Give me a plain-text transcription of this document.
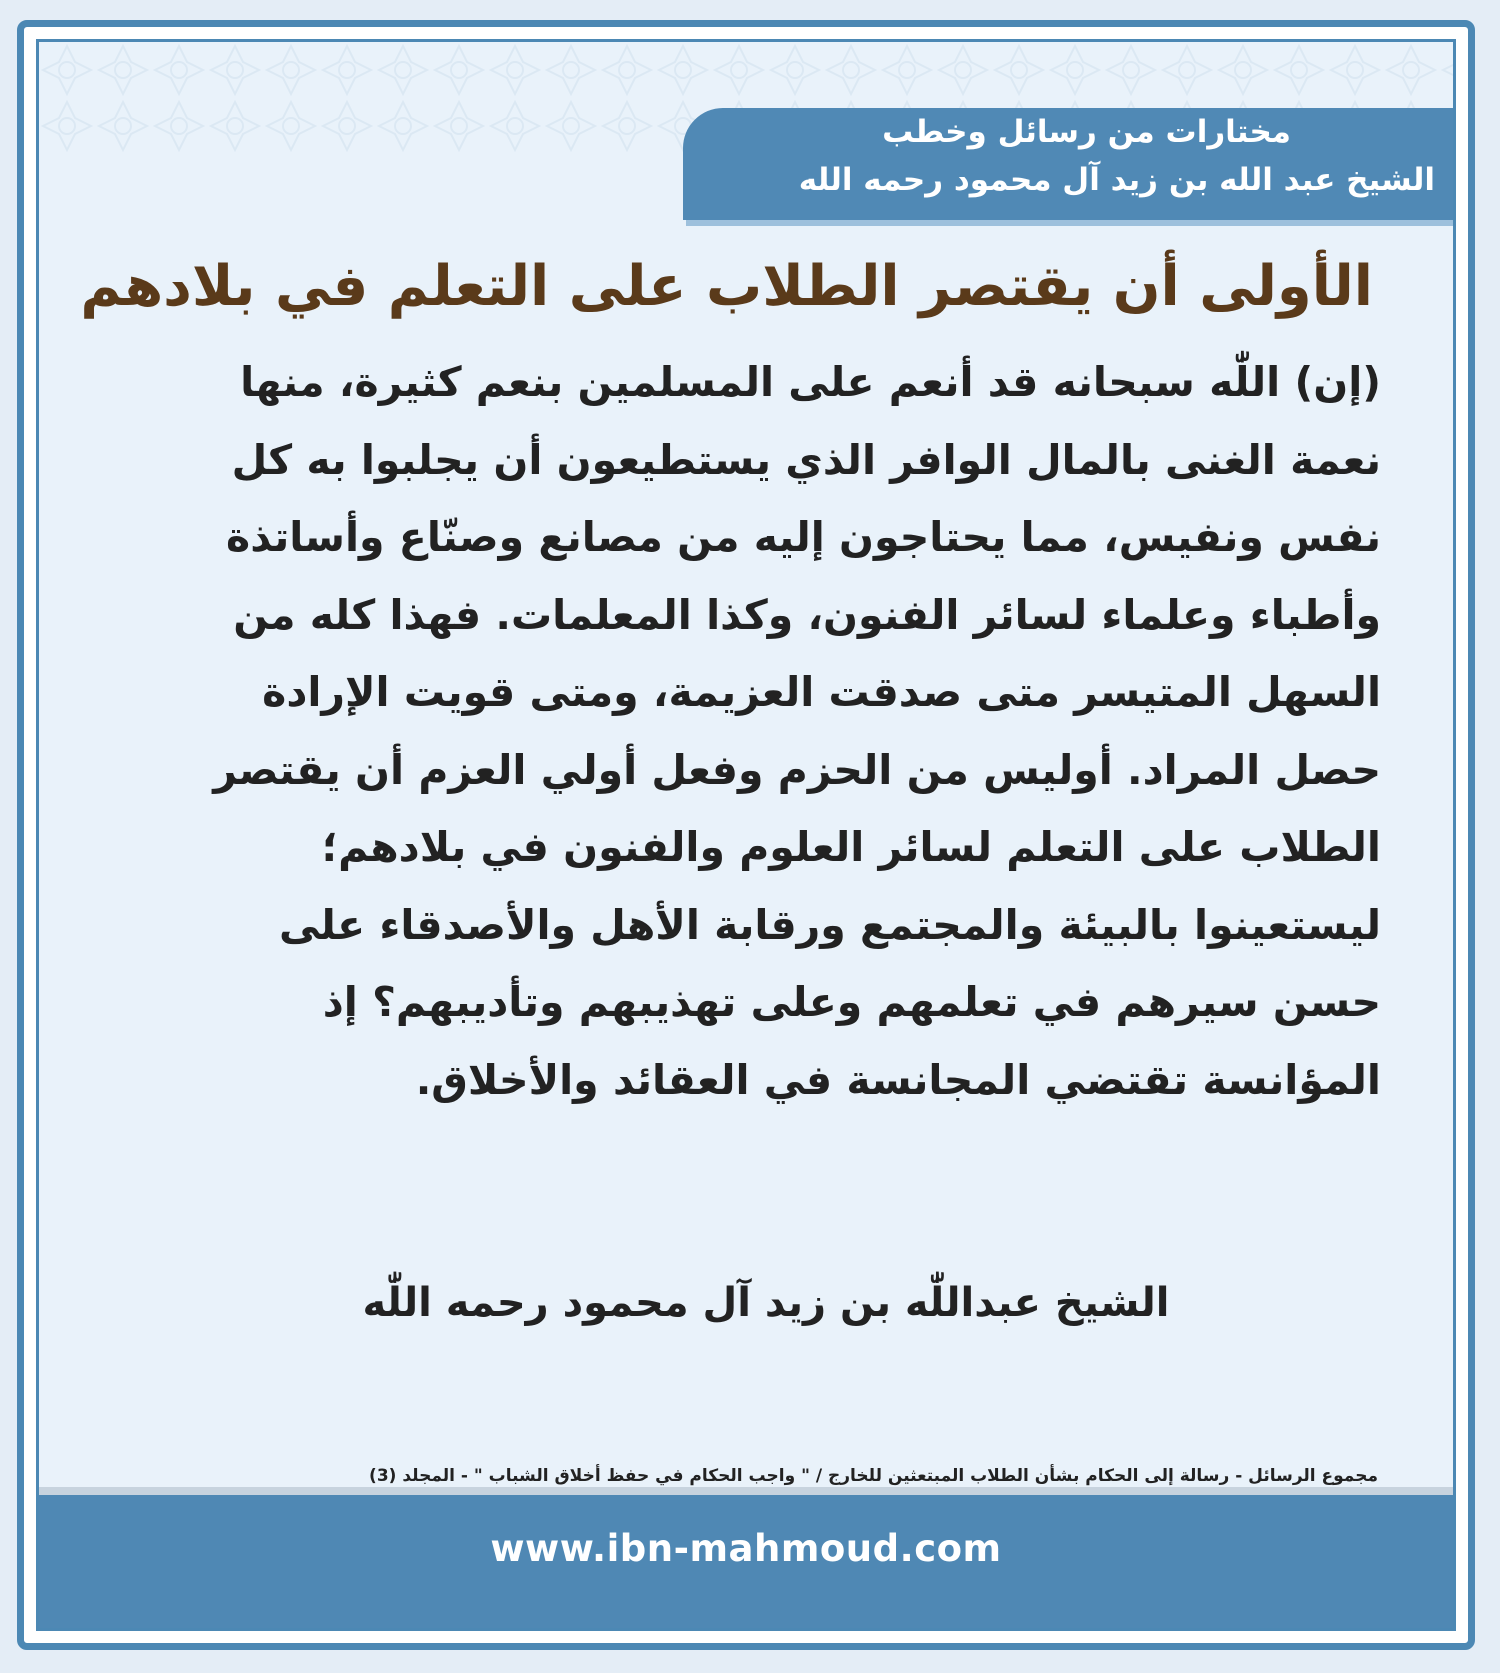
مختارات من رسائل وخطب
الشيخ عبد الله بن زيد آل محمود رحمه الله
الأولى أن يقتصر الطلاب على التعلم في بلادهم
(إن) اللّٰه سبحانه قد أنعم على المسلمين بنعم كثيرة، منها
نعمة الغنى بالمال الوافر الذي يستطيعون أن يجلبوا به كل
نفس ونفيس، مما يحتاجون إليه من مصانع وصنّاع وأساتذة
وأطباء وعلماء لسائر الفنون، وكذا المعلمات. فهذا كله من
السهل المتيسر متى صدقت العزيمة، ومتى قويت الإرادة
حصل المراد. أوليس من الحزم وفعل أولي العزم أن يقتصر
الطلاب على التعلم لسائر العلوم والفنون في بلادهم؛
ليستعينوا بالبيئة والمجتمع ورقابة الأهل والأصدقاء على
حسن سيرهم في تعلمهم وعلى تهذيبهم وتأديبهم؟ إذ
المؤانسة تقتضي المجانسة في العقائد والأخلاق.
الشيخ عبداللّٰه بن زيد آل محمود رحمه اللّٰه
مجموع الرسائل - رسالة إلى الحكام بشأن الطلاب المبتعثين للخارج / " واجب الحكام في حفظ أخلاق الشباب " - المجلد (3)
www.ibn-mahmoud.com
